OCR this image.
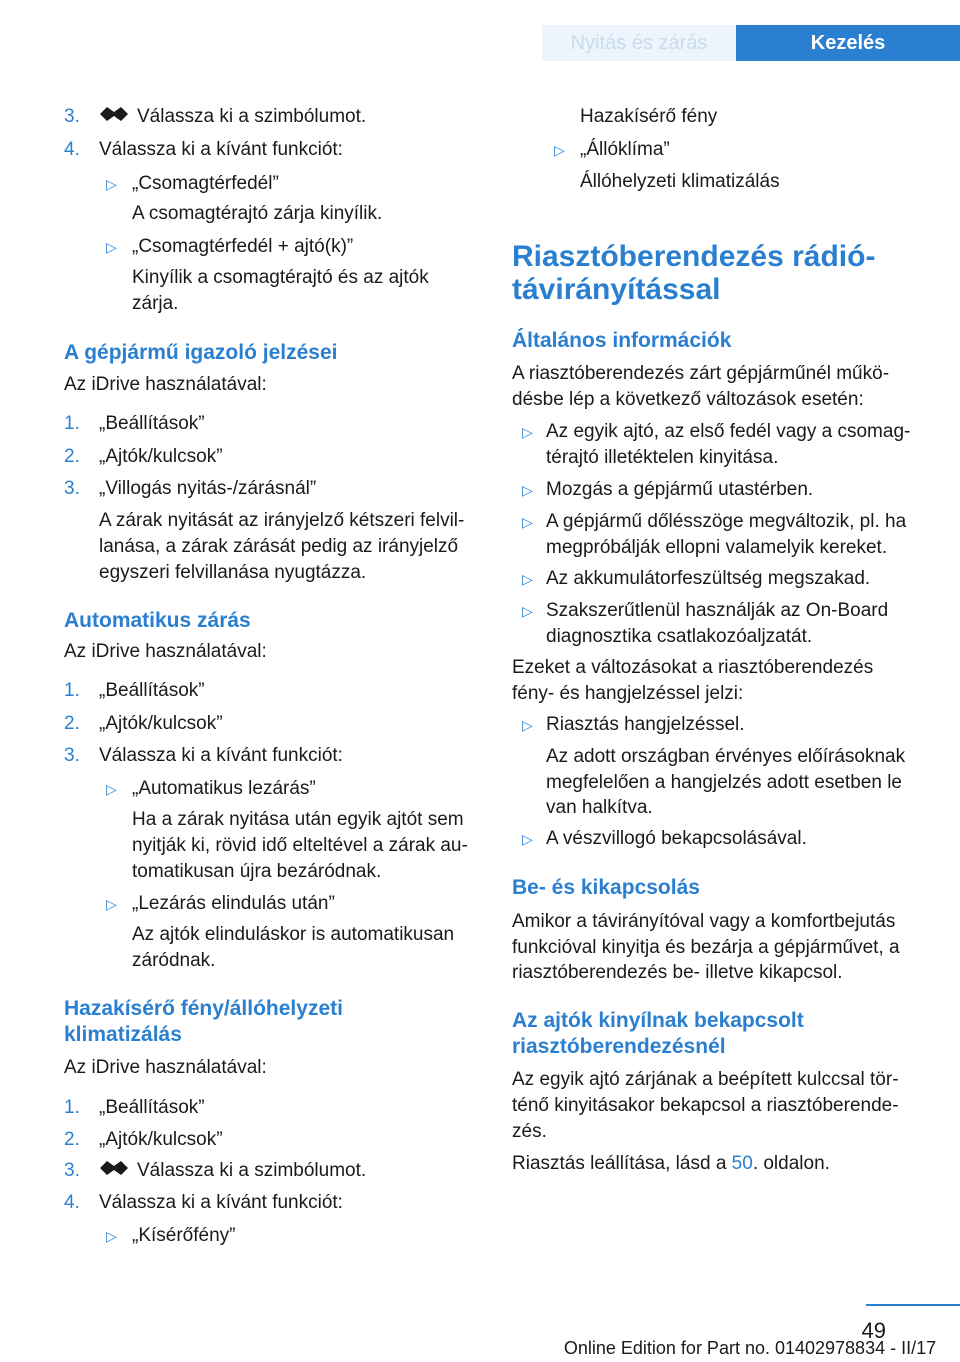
Nyitás és zárás	Kezelés
3.	Válassza ki a szimbólumot.
4. Válassza ki a kívánt funkciót:
▷ „Csomagtérfedél”
A csomagtérajtó zárja kinyílik.
▷ „Csomagtérfedél + ajtó(k)”
Kinyílik a csomagtérajtó és az ajtók
zárja.
A gépjármű igazoló jelzései
Az iDrive használatával:
1. „Beállítások”
2. „Ajtók/kulcsok”
3. „Villogás nyitás-/zárásnál”
A zárak nyitását az irányjelző kétszeri felvil-
lanása, a zárak zárását pedig az irányjelző
egyszeri felvillanása nyugtázza.
Automatikus zárás
Az iDrive használatával:
1. „Beállítások”
2. „Ajtók/kulcsok”
3. Válassza ki a kívánt funkciót:
▷ „Automatikus lezárás”
Ha a zárak nyitása után egyik ajtót sem
nyitják ki, rövid idő elteltével a zárak au-
tomatikusan újra bezáródnak.
▷ „Lezárás elindulás után”
Az ajtók elinduláskor is automatikusan
záródnak.
Hazakísérő fény/állóhelyzeti
klimatizálás
Az iDrive használatával:
1. „Beállítások”
2. „Ajtók/kulcsok”
3.	Válassza ki a szimbólumot.
4. Válassza ki a kívánt funkciót:
▷ „Kísérőfény”
Hazakísérő fény
▷ „Állóklíma”
Állóhelyzeti klimatizálás
Riasztóberendezés rádió-
távirányítással
Általános információk
A riasztóberendezés zárt gépjárműnél műkö-
désbe lép a következő változások esetén:
▷ Az egyik ajtó, az első fedél vagy a csomag-
térajtó illetéktelen kinyitása.
▷ Mozgás a gépjármű utastérben.
▷ A gépjármű dőlésszöge megváltozik, pl. ha
megpróbálják ellopni valamelyik kereket.
▷ Az akkumulátorfeszültség megszakad.
▷ Szakszerűtlenül használják az On-Board
diagnosztika csatlakozóaljzatát.
Ezeket a változásokat a riasztóberendezés
fény- és hangjelzéssel jelzi:
▷ Riasztás hangjelzéssel.
Az adott országban érvényes előírásoknak
megfelelően a hangjelzés adott esetben le
van halkítva.
▷ A vészvillogó bekapcsolásával.
Be- és kikapcsolás
Amikor a távirányítóval vagy a komfortbejutás
funkcióval kinyitja és bezárja a gépjárművet, a
riasztóberendezés be- illetve kikapcsol.
Az ajtók kinyílnak bekapcsolt
riasztóberendezésnél
Az egyik ajtó zárjának a beépített kulccsal tör-
ténő kinyitásakor bekapcsol a riasztóberende-
zés.
Riasztás leállítása, lásd a 50. oldalon.
49
Online Edition for Part no. 01402978834 - II/17
